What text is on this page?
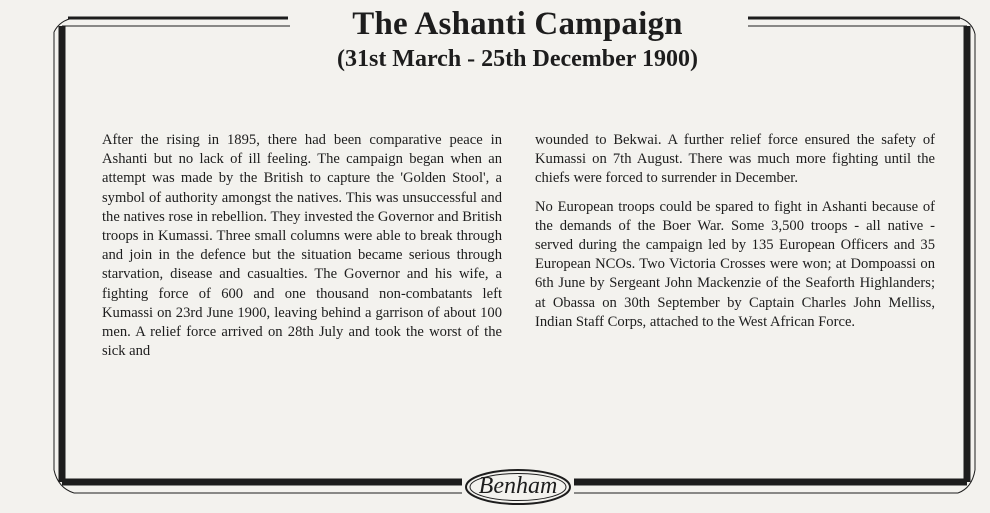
The Ashanti Campaign
(31st March - 25th December 1900)

After the rising in 1895, there had been comparative peace in Ashanti but no lack of ill feeling. The campaign began when an attempt was made by the British to capture the 'Golden Stool', a symbol of authority amongst the natives. This was unsuccessful and the natives rose in rebellion. They invested the Governor and British troops in Kumassi. Three small columns were able to break through and join in the defence but the situation became serious through starvation, disease and casualties. The Governor and his wife, a fighting force of 600 and one thousand non-combatants left Kumassi on 23rd June 1900, leaving behind a garrison of about 100 men. A relief force arrived on 28th July and took the worst of the sick and

wounded to Bekwai. A further relief force ensured the safety of Kumassi on 7th August. There was much more fighting until the chiefs were forced to surrender in December.

No European troops could be spared to fight in Ashanti because of the demands of the Boer War. Some 3,500 troops - all native - served during the campaign led by 135 European Officers and 35 European NCOs. Two Victoria Crosses were won; at Dompoassi on 6th June by Sergeant John Mackenzie of the Seaforth Highlanders; at Obassa on 30th September by Captain Charles John Melliss, Indian Staff Corps, attached to the West African Force.

Benham
